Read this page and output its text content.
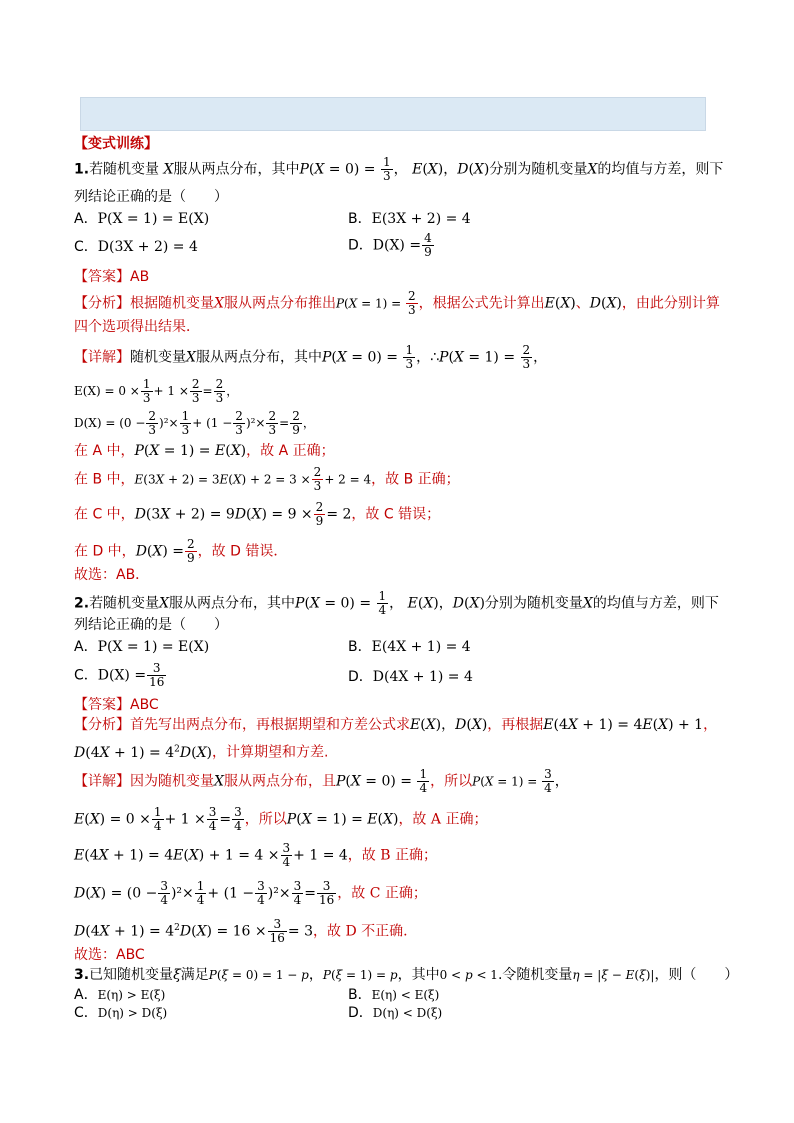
【变式训练】
1.若随机变量 X服从两点分布，其中$P(X = 0) = \frac{1}{3}$ ， E(X)，D(X)分别为随机变量X的均值与方差，则下
列结论正确的是（　　）
A．P(X = 1) = E(X)	B．E(3X + 2) = 4
C．D(3X + 2) = 4	D．$D(X) = \frac{4}{9}$
【答案】AB
【分析】根据随机变量X服从两点分布推出$P(X = 1) = \frac{2}{3}$ ，根据公式先计算出E(X)、D(X)，由此分别计算
四个选项得出结果．
【详解】随机变量X服从两点分布，其中$P(X = 0) = \frac{1}{3}$ ，∴P(X = $1) = \frac{2}{3}$ ，
$E(X) = 0 \times \frac{1}{3} + 1 \times \frac{2}{3} = \frac{2}{3}$ ，
$D(X) = (0 - \frac{2}{3} )^2\times \frac{1}{3} + (1 - \frac{2}{3} )^2\times \frac{2}{3} = \frac{2}{9}$ ，
在 A 中，P(X = 1) = E(X)，故 A 正确；
在 B 中，$E(3X + 2) = 3E(X) + 2 = 3 \times \frac{2}{3} + 2 = 4$，故 B 正确；
在 C 中，$D(3X + 2) = 9D(X) = 9 \times \frac{2}{9} = 2$，故 C 错误；
在 D 中，$D(X) = \frac{2}{9}$ ，故 D 错误．
故选：AB．
2.若随机变量X服从两点分布，其中$P(X = 0) = \frac{1}{4}$ ， E(X)，D(X)分别为随机变量X的均值与方差，则下
列结论正确的是（　　）
A．P(X = 1) = E(X)	B．E(4X + 1) = 4
C．$D(X) = \frac{3}{16}$	D．D(4X + 1) = 4
【答案】ABC
【分析】首先写出两点分布，再根据期望和方差公式求E(X)，D(X)，再根据E(4X + 1) = 4E(X) + 1，
$D(4X + 1) = 4^2D(X)$，计算期望和方差.
【详解】因为随机变量X服从两点分布，且$P(X = 0) = \frac{1}{4}$ ，所以$P(X = 1) = \frac{3}{4}$ ，
$E(X) = 0 \times \frac{1}{4} + 1 \times \frac{3}{4} = \frac{3}{4}$ ，所以P(X = 1) = E(X)，故 A 正确；
$E(4X + 1) = 4E(X) + 1 = 4 \times \frac{3}{4} + 1 = 4$，故 B 正确；
$D(X) = (0 - \frac{3}{4} )^2\times \frac{1}{4} + (1 - \frac{3}{4} )^2\times \frac{3}{4} = \frac{3}{16}$ ，故 C 正确；
$D(4X + 1) = 4^2D(X) = 16 \times \frac{3}{16} = 3$，故 D 不正确.
故选：ABC
3.已知随机变量ξ满足P(ξ = 0) = 1 − p，P(ξ = 1) = p，其中0 < p < 1.令随机变量η = |ξ − E(ξ)|，则（　　）
A．E(η) > E(ξ)	B．E(η) < E(ξ)
C．D(η) > D(ξ)	D．D(η) < D(ξ)
